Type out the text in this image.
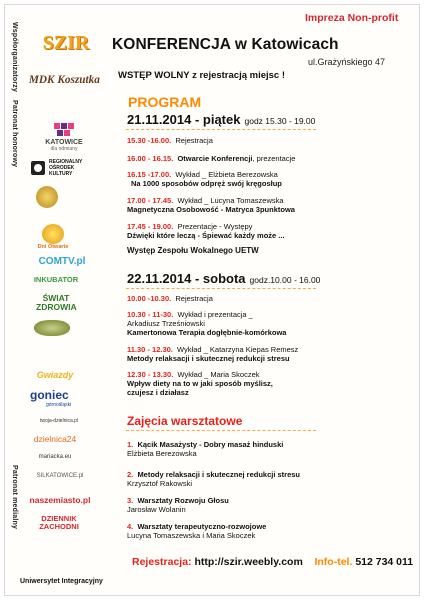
Współorganizatorzy
Patronat honorowy
Patronat medialny
Uniwersytet Integracyjny
SZIR
MDK Koszutka
KATOWICE
dla odmiany
REGIONALNY OŚRODEK KULTURY
Dni Otwarte
COMTV.pl
INKUBATOR
ŚWIAT ZDROWIA
Gwiazdy
goniec
górnośląski
twoja-dzielnica.pl
dzielnica24
mariacka.eu
SILKATOWICE.pl
naszemiasto.pl
DZIENNIK ZACHODNI
Impreza Non-profit
KONFERENCJA w Katowicach
ul.Grażyńskiego 47
WSTĘP WOLNY z rejestracją miejsc !
PROGRAM
21.11.2014 - piątek godz 15.30 - 19.00
15.30 -16.00. Rejestracja
16.00 - 16.15. Otwarcie Konferencji, prezentacje
16.15 -17.00. Wykład _ Elżbieta Berezowska
Na 1000 sposobów odpręż swój kręgosłup
17.00 - 17.45. Wykład _ Lucyna Tomaszewska
Magnetyczna Osobowość - Matryca 3punktowa
17.45 - 19.00. Prezentacje - Występy
Dźwięki które leczą - Śpiewać każdy może ...
Występ Zespołu Wokalnego UETW
22.11.2014 - sobota godz.10.00 - 16.00
10.00 -10.30. Rejestracja
10.30 - 11-30. Wykład i prezentacja _
Arkadiusz Trześniowski
Kamertonowa Terapia dogłębnie-komórkowa
11.30 - 12.30. Wykład _ Katarzyna Kiepas Remesz
Metody relaksacji i skutecznej redukcji stresu
12.30 - 13.30. Wykład _ Maria Skoczek
Wpływ diety na to w jaki sposób myślisz,
czujesz i działasz
Zajęcia warsztatowe
1. Kącik Masażysty - Dobry masaż hinduski
Elżbieta Berezowska
2. Metody relaksacji i skutecznej redukcji stresu
Krzysztof Rakowski
3. Warsztaty Rozwoju Głosu
Jarosław Wolanin
4. Warsztaty terapeutyczno-rozwojowe
Lucyna Tomaszewska i Maria Skoczek
Rejestracja: http://szir.weebly.com Info-tel. 512 734 011
